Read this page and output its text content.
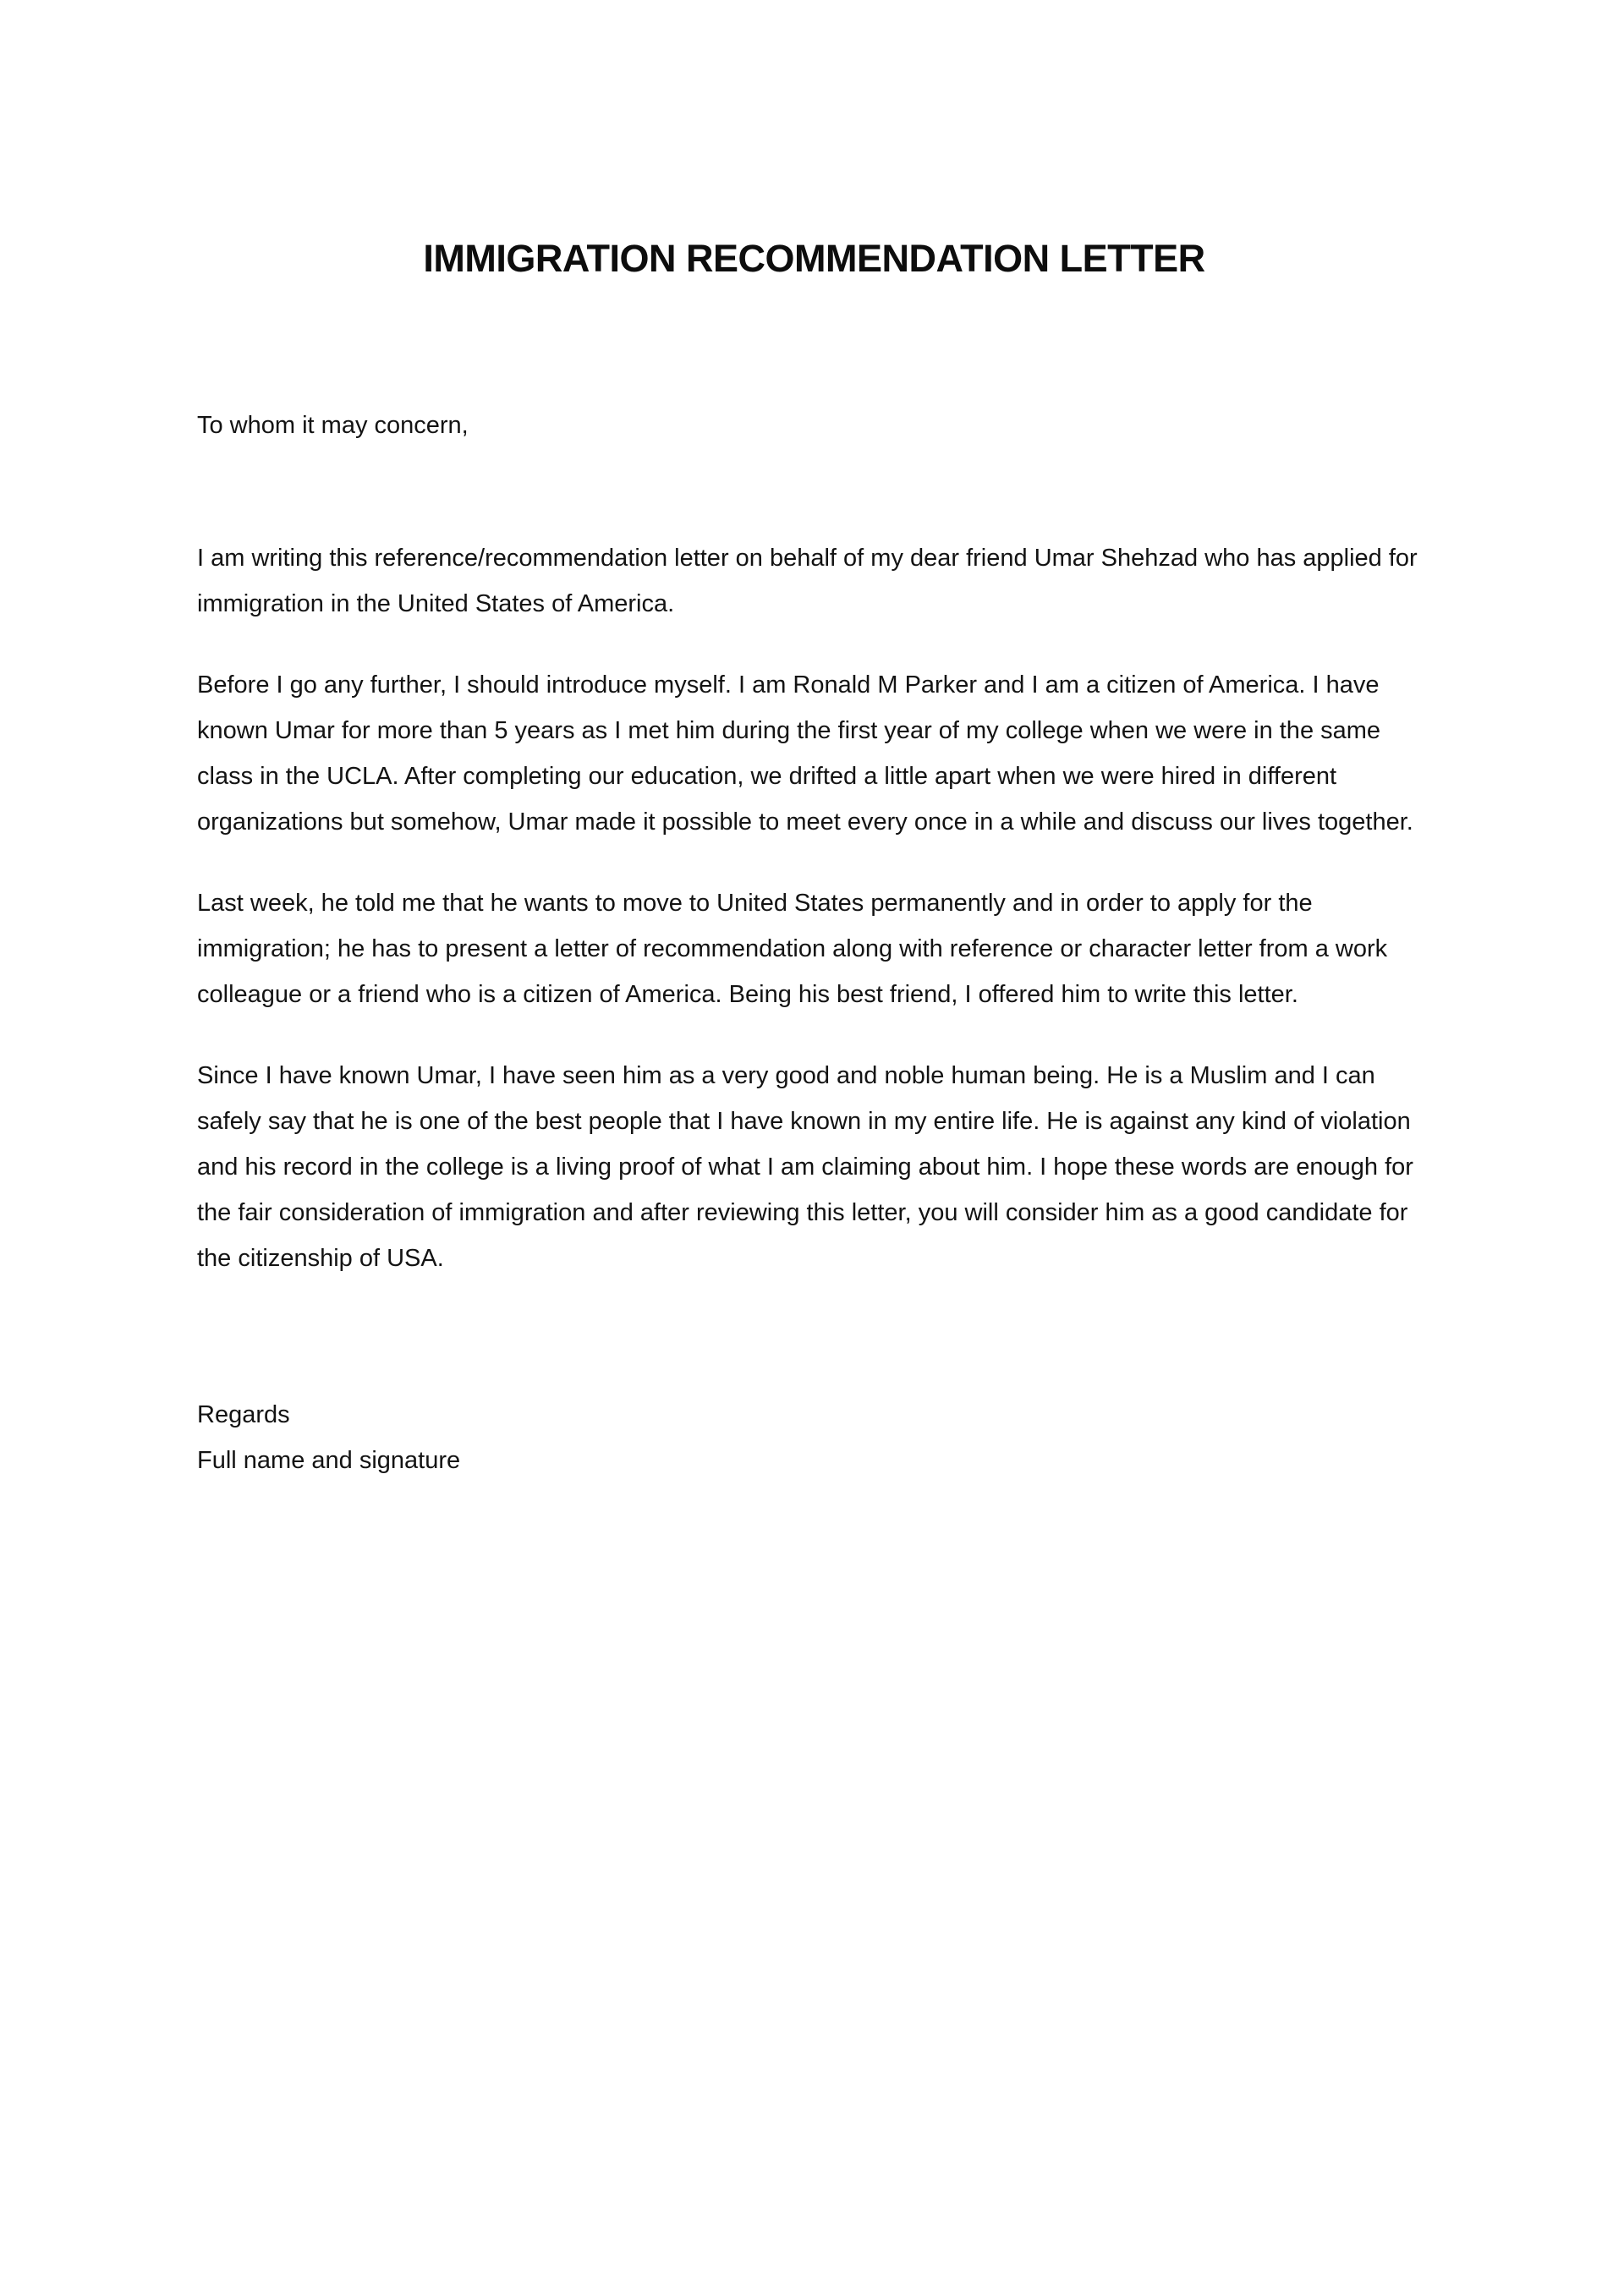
IMMIGRATION RECOMMENDATION LETTER

To whom it may concern,

I am writing this reference/recommendation letter on behalf of my dear friend Umar Shehzad who has applied for immigration in the United States of America.

Before I go any further, I should introduce myself. I am Ronald M Parker and I am a citizen of America. I have known Umar for more than 5 years as I met him during the first year of my college when we were in the same class in the UCLA. After completing our education, we drifted a little apart when we were hired in different organizations but somehow, Umar made it possible to meet every once in a while and discuss our lives together.

Last week, he told me that he wants to move to United States permanently and in order to apply for the immigration; he has to present a letter of recommendation along with reference or character letter from a work colleague or a friend who is a citizen of America. Being his best friend, I offered him to write this letter.

Since I have known Umar, I have seen him as a very good and noble human being. He is a Muslim and I can safely say that he is one of the best people that I have known in my entire life. He is against any kind of violation and his record in the college is a living proof of what I am claiming about him. I hope these words are enough for the fair consideration of immigration and after reviewing this letter, you will consider him as a good candidate for the citizenship of USA.

Regards
Full name and signature
